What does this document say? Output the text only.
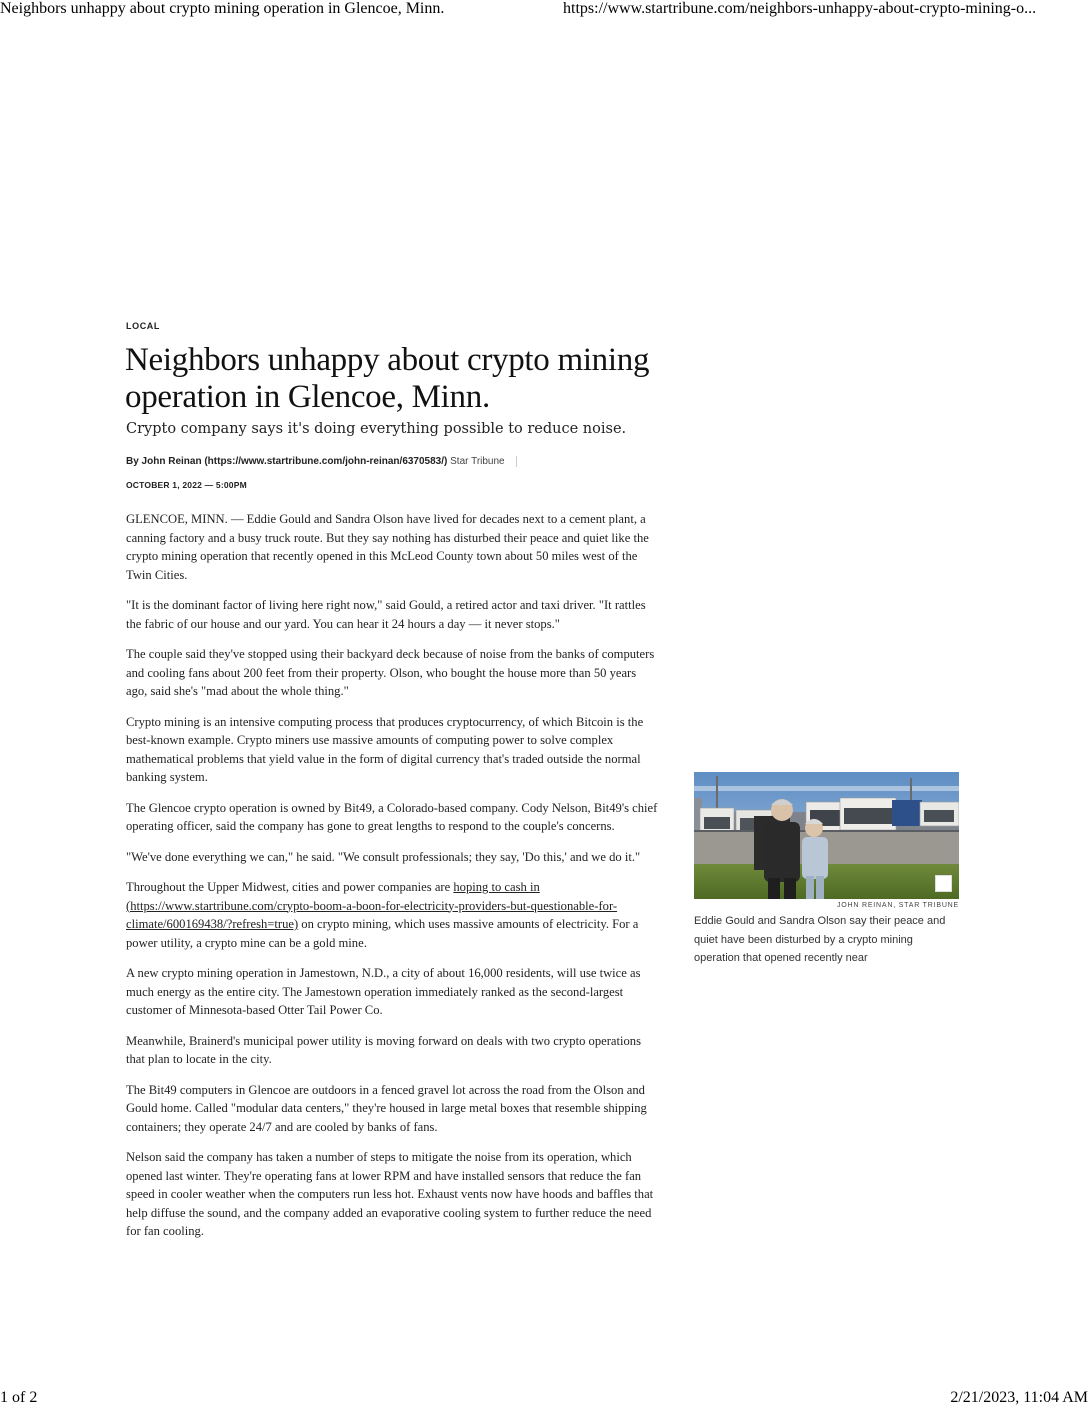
Neighbors unhappy about crypto mining operation in Glencoe, Minn.	https://www.startribune.com/neighbors-unhappy-about-crypto-mining-o...
LOCAL
Neighbors unhappy about crypto mining operation in Glencoe, Minn.
Crypto company says it's doing everything possible to reduce noise.
By John Reinan (https://www.startribune.com/john-reinan/6370583/) Star Tribune
OCTOBER 1, 2022 — 5:00PM

GLENCOE, MINN. — Eddie Gould and Sandra Olson have lived for decades next to a cement plant, a canning factory and a busy truck route. But they say nothing has disturbed their peace and quiet like the crypto mining operation that recently opened in this McLeod County town about 50 miles west of the Twin Cities.

"It is the dominant factor of living here right now," said Gould, a retired actor and taxi driver. "It rattles the fabric of our house and our yard. You can hear it 24 hours a day — it never stops."

The couple said they've stopped using their backyard deck because of noise from the banks of computers and cooling fans about 200 feet from their property. Olson, who bought the house more than 50 years ago, said she's "mad about the whole thing."

Crypto mining is an intensive computing process that produces cryptocurrency, of which Bitcoin is the best-known example. Crypto miners use massive amounts of computing power to solve complex mathematical problems that yield value in the form of digital currency that's traded outside the normal banking system.

The Glencoe crypto operation is owned by Bit49, a Colorado-based company. Cody Nelson, Bit49's chief operating officer, said the company has gone to great lengths to respond to the couple's concerns.

"We've done everything we can," he said. "We consult professionals; they say, 'Do this,' and we do it."

Throughout the Upper Midwest, cities and power companies are hoping to cash in (https://www.startribune.com/crypto-boom-a-boon-for-electricity-providers-but-questionable-for-climate/600169438/?refresh=true) on crypto mining, which uses massive amounts of electricity. For a power utility, a crypto mine can be a gold mine.

A new crypto mining operation in Jamestown, N.D., a city of about 16,000 residents, will use twice as much energy as the entire city. The Jamestown operation immediately ranked as the second-largest customer of Minnesota-based Otter Tail Power Co.

Meanwhile, Brainerd's municipal power utility is moving forward on deals with two crypto operations that plan to locate in the city.

The Bit49 computers in Glencoe are outdoors in a fenced gravel lot across the road from the Olson and Gould home. Called "modular data centers," they're housed in large metal boxes that resemble shipping containers; they operate 24/7 and are cooled by banks of fans.

Nelson said the company has taken a number of steps to mitigate the noise from its operation, which opened last winter. They're operating fans at lower RPM and have installed sensors that reduce the fan speed in cooler weather when the computers run less hot. Exhaust vents now have hoods and baffles that help diffuse the sound, and the company added an evaporative cooling system to further reduce the need for fan cooling.

JOHN REINAN, STAR TRIBUNE
Eddie Gould and Sandra Olson say their peace and quiet have been disturbed by a crypto mining operation that opened recently near
1 of 2	2/21/2023, 11:04 AM
